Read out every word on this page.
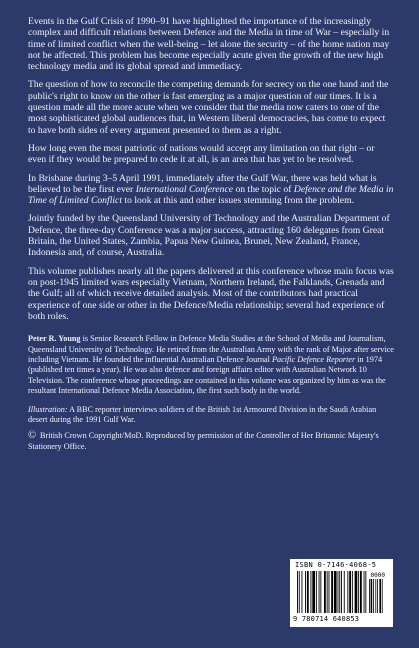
Events in the Gulf Crisis of 1990–91 have highlighted the importance of the increasingly complex and difficult relations between Defence and the Media in time of War – especially in time of limited conflict when the well-being – let alone the security – of the home nation may not be affected. This problem has become especially acute given the growth of the new high technology media and its global spread and immediacy.

The question of how to reconcile the competing demands for secrecy on the one hand and the public's right to know on the other is fast emerging as a major question of our times. It is a question made all the more acute when we consider that the media now caters to one of the most sophisticated global audiences that, in Western liberal democracies, has come to expect to have both sides of every argument presented to them as a right.

How long even the most patriotic of nations would accept any limitation on that right – or even if they would be prepared to cede it at all, is an area that has yet to be resolved.

In Brisbane during 3–5 April 1991, immediately after the Gulf War, there was held what is believed to be the first ever International Conference on the topic of Defence and the Media in Time of Limited Conflict to look at this and other issues stemming from the problem.

Jointly funded by the Queensland University of Technology and the Australian Department of Defence, the three-day Conference was a major success, attracting 160 delegates from Great Britain, the United States, Zambia, Papua New Guinea, Brunei, New Zealand, France, Indonesia and, of course, Australia.

This volume publishes nearly all the papers delivered at this conference whose main focus was on post-1945 limited wars especially Vietnam, Northern Ireland, the Falklands, Grenada and the Gulf; all of which receive detailed analysis. Most of the contributors had practical experience of one side or other in the Defence/Media relationship; several had experience of both roles.

Peter R. Young is Senior Research Fellow in Defence Media Studies at the School of Media and Journalism, Queensland University of Technology. He retired from the Australian Army with the rank of Major after service including Vietnam. He founded the influential Australian Defence Journal Pacific Defence Reporter in 1974 (published ten times a year). He was also defence and foreign affairs editor with Australian Network 10 Television. The conference whose proceedings are contained in this volume was organized by him as was the resultant International Defence Media Association, the first such body in the world.

Illustration: A BBC reporter interviews soldiers of the British 1st Armoured Division in the Saudi Arabian desert during the 1991 Gulf War.

© British Crown Copyright/MoD. Reproduced by permission of the Controller of Her Britannic Majesty's Stationery Office.

ISBN 0-7146-4068-5
0000
9 780714 640853
